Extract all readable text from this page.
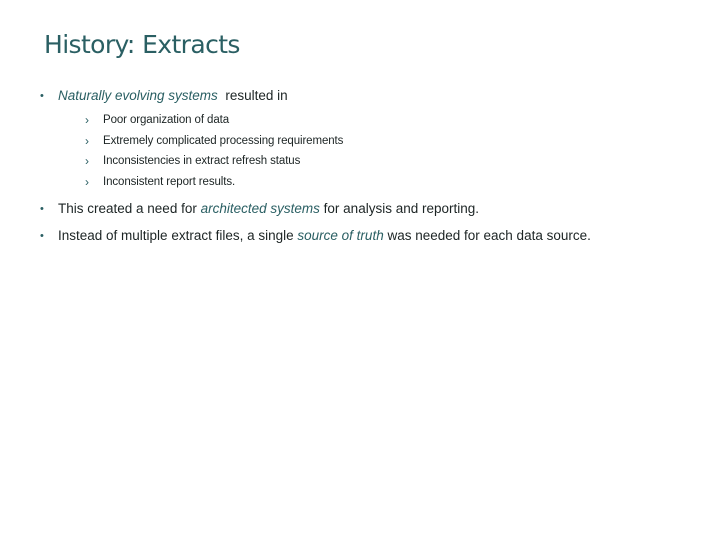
History: Extracts
• Naturally evolving systems resulted in
› Poor organization of data
› Extremely complicated processing requirements
› Inconsistencies in extract refresh status
› Inconsistent report results.
• This created a need for architected systems for analysis and reporting.
• Instead of multiple extract files, a single source of truth was needed for each data source.
